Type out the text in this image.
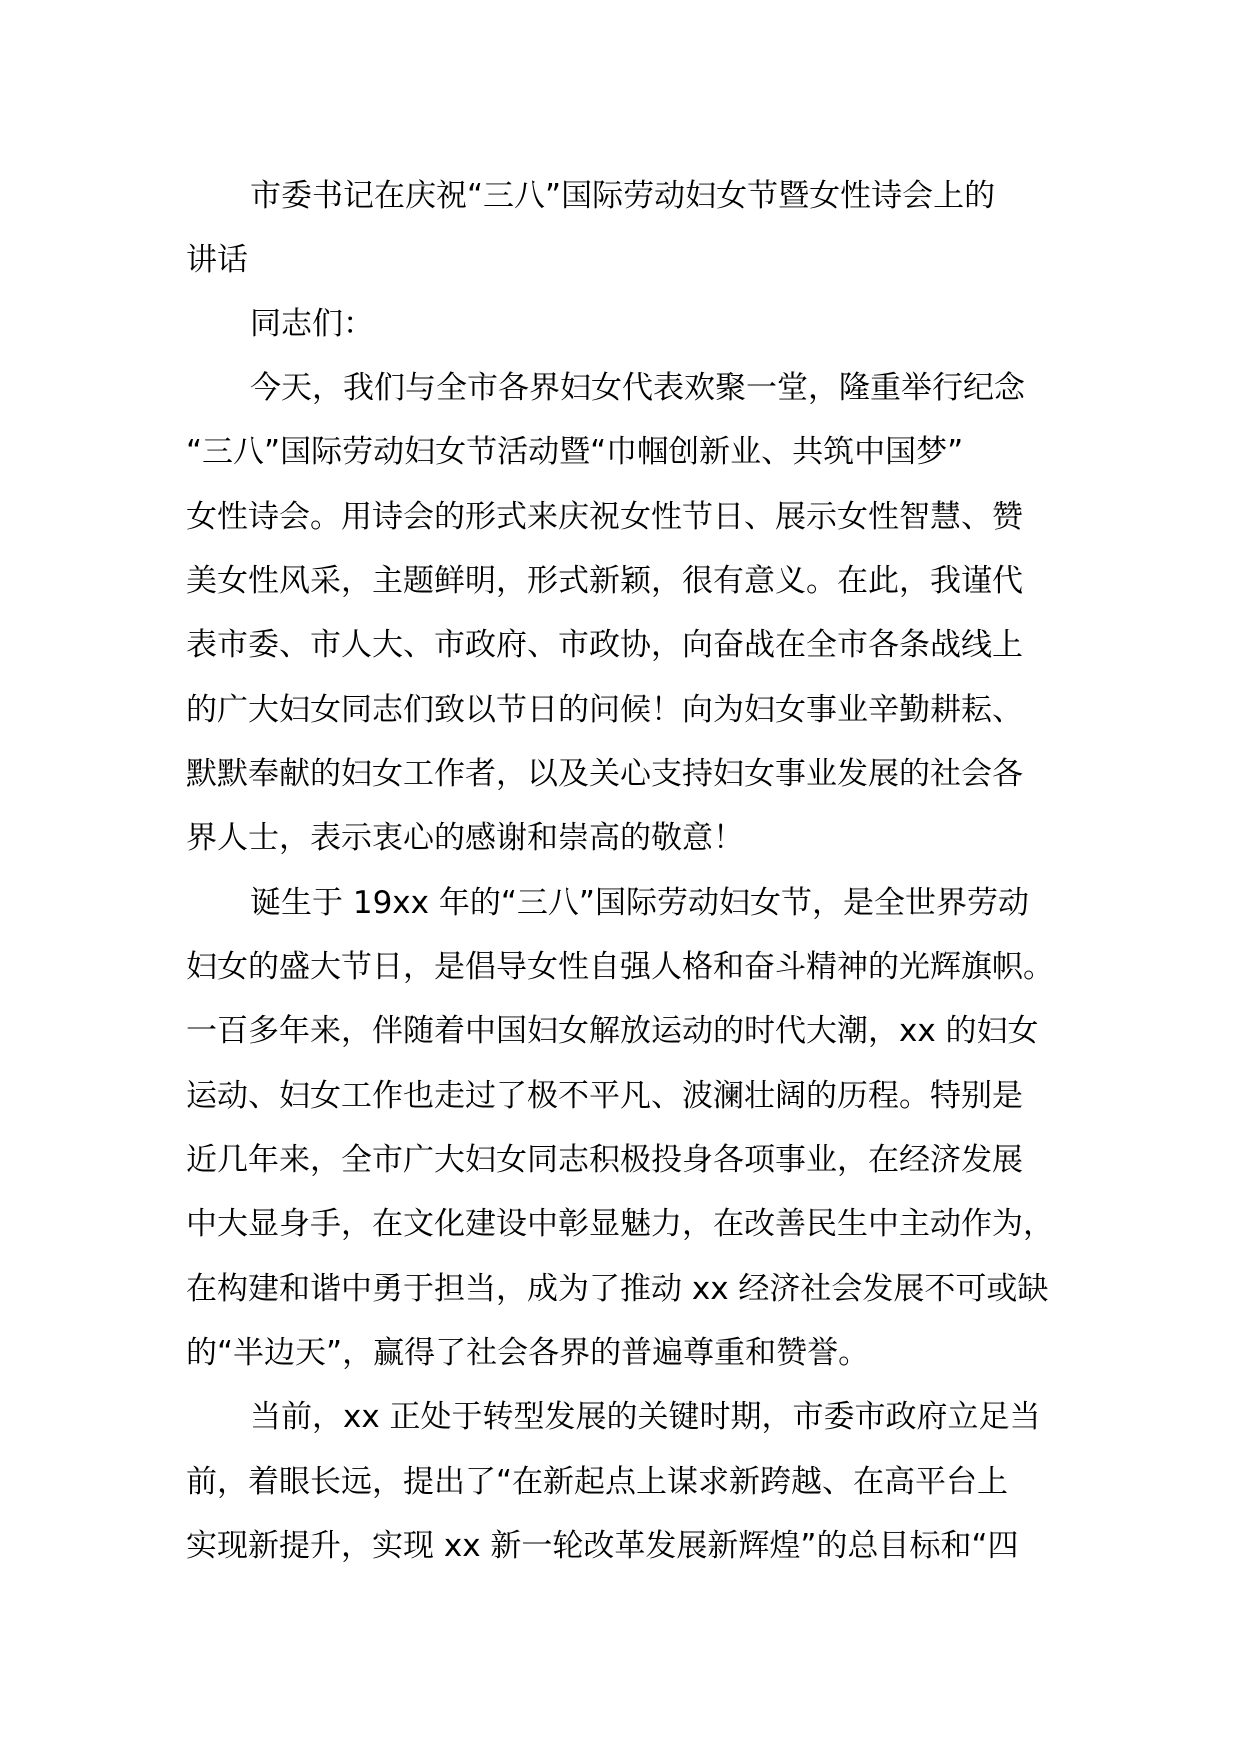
市委书记在庆祝“三八”国际劳动妇女节暨女性诗会上的
讲话
同志们：
今天，我们与全市各界妇女代表欢聚一堂，隆重举行纪念
“三八”国际劳动妇女节活动暨“巾帼创新业、共筑中国梦”
女性诗会。用诗会的形式来庆祝女性节日、展示女性智慧、赞
美女性风采，主题鲜明，形式新颖，很有意义。在此，我谨代
表市委、市人大、市政府、市政协，向奋战在全市各条战线上
的广大妇女同志们致以节日的问候！向为妇女事业辛勤耕耘、
默默奉献的妇女工作者，以及关心支持妇女事业发展的社会各
界人士，表示衷心的感谢和崇高的敬意！
诞生于 19xx 年的“三八”国际劳动妇女节，是全世界劳动
妇女的盛大节日，是倡导女性自强人格和奋斗精神的光辉旗帜。
一百多年来，伴随着中国妇女解放运动的时代大潮，xx 的妇女
运动、妇女工作也走过了极不平凡、波澜壮阔的历程。特别是
近几年来，全市广大妇女同志积极投身各项事业，在经济发展
中大显身手，在文化建设中彰显魅力，在改善民生中主动作为，
在构建和谐中勇于担当，成为了推动 xx 经济社会发展不可或缺
的“半边天”，赢得了社会各界的普遍尊重和赞誉。
当前，xx 正处于转型发展的关键时期，市委市政府立足当
前，着眼长远，提出了“在新起点上谋求新跨越、在高平台上
实现新提升，实现 xx 新一轮改革发展新辉煌”的总目标和“四
